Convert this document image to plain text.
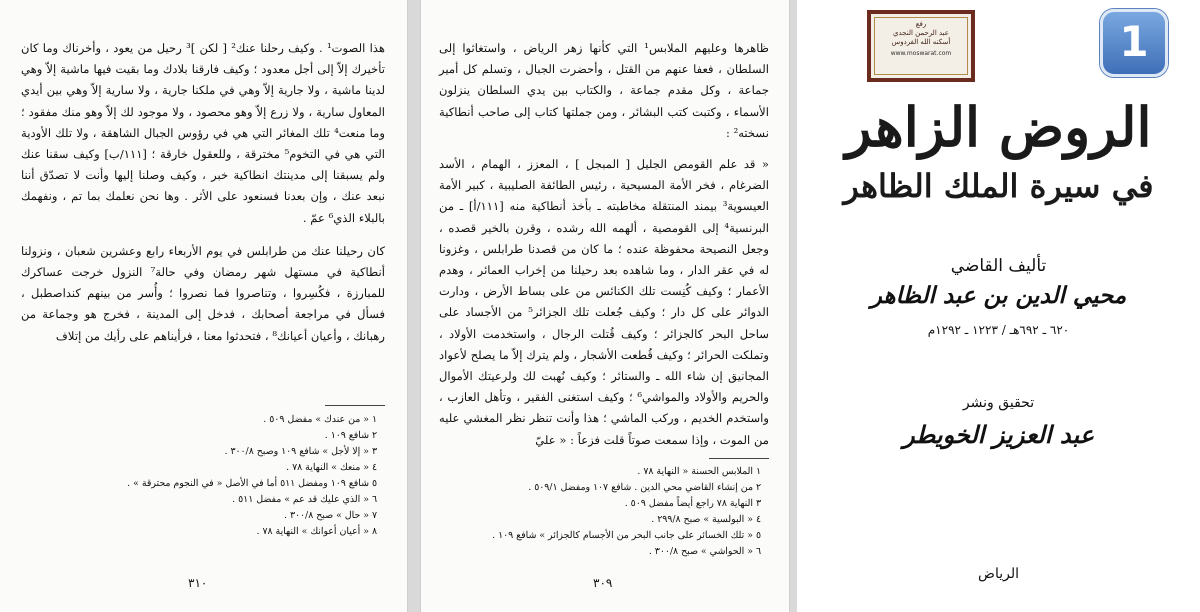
هذا الصوت¹ . وكيف رحلنا عنك² [ لكن ]³ رحيل من يعود ، وأخرناك وما كان تأخيرك إلاّ إلى أجل معدود ؛ وكيف فارقنا بلادك وما بقيت فيها ماشية إلاّ وهي لدينا ماشية ، ولا جارية إلاّ وهي في ملكنا جارية ، ولا سارية إلاّ وهي بين أيدي المعاول سارية ، ولا زرع إلاّ وهو محصود ، ولا موجود لك إلاّ وهو منك مفقود ؛ وما منعت⁴ تلك المغائر التي هي في رؤوس الجبال الشاهقة ، ولا تلك الأودية التي هي في التخوم⁵ مخترقة ، وللعقول خارقة ؛ [١١١/ب] وكيف سقنا عنك ولم يسبقنا إلى مدينتك انطاكية خبر ، وكيف وصلنا إليها وأنت لا تصدّق أننا نبعد عنك ، وإن بعدنا فسنعود على الأثر . وها نحن نعلمك بما تم ، ونفهمك بالبلاء الذي⁶ عمّ .
كان رحيلنا عنك من طرابلس في يوم الأربعاء رابع وعشرين شعبان ، ونزولنا أنطاكية في مستهل شهر رمضان وفي حالة⁷ النزول خرجت عساكرك للمبارزة ، فكُسِروا ، وتناصروا فما نصروا ؛ وأُسر من بينهم كنداصطبل ، فسأل في مراجعة أصحابك ، فدخل إلى المدينة ، فخرج هو وجماعة من رهبانك ، وأعيان أعيانك⁸ ، فتحدثوا معنا ، فرأيناهم على رأيك من إتلاف
١ « من عندك » مفضل ٥٠٩ .
٢ شافع ١٠٩ .
٣ « إلا لأجل » شافع ١٠٩ وصبح ٣٠٠/٨ .
٤ « منعك » النهاية ٧٨ .
٥ شافع ١٠٩ ومفضل ٥١١ أما في الأصل « في النجوم محترقة » .
٦ « الذي عليك قد عم » مفضل ٥١١ .
٧ « حال » صبح ٣٠٠/٨ .
٨ « أعيان أعوانك » النهاية ٧٨ .
٣١٠
ظاهرها وعليهم الملابس¹ التي كأنها زهر الرياض ، واستغاثوا إلى السلطان ، فعفا عنهم من القتل ، وأحضرت الجبال ، وتسلم كل أمير جماعة ، وكل مقدم جماعة ، والكتاب بين يدي السلطان ينزلون الأسماء ، وكتبت كتب البشائر ، ومن جملتها كتاب إلى صاحب أنطاكية نسخته² :
« قد علم القومص الجليل [ المبجل ] ، المعزز ، الهمام ، الأسد الضرغام ، فخر الأمة المسيحية ، رئيس الطائفة الصليبية ، كبير الأمة العيسوية³ بيمند المنتقلة مخاطبته ـ بأخذ أنطاكية منه [١١١/أ] ـ من البرنسية⁴ إلى القومصية ، ألهمه الله رشده ، وقرن بالخير قصده ، وجعل النصيحة محفوظة عنده ؛ ما كان من قصدنا طرابلس ، وغزونا له في عقر الدار ، وما شاهده بعد رحيلنا من إخراب العمائر ، وهدم الأعمار ؛ وكيف كُنِست تلك الكنائس من على بساط الأرض ، ودارت الدوائر على كل دار ؛ وكيف جُعلت تلك الجزائر⁵ من الأجساد على ساحل البحر كالجزائر ؛ وكيف قُتلت الرجال ، واستخدمت الأولاد ، وتملكت الحرائر ؛ وكيف قُطعت الأشجار ، ولم يترك إلاّ ما يصلح لأعواد المجانيق إن شاء الله ـ والستائر ؛ وكيف نُهبت لك ولرعيتك الأموال والحريم والأولاد والمواشي⁶ ؛ وكيف استغنى الفقير ، وتأهل العازب ، واستخدم الخديم ، وركب الماشي ؛ هذا وأنت تنظر نظر المغشي عليه من الموت ، وإذا سمعت صوتاً قلت فزعاً : « عليّ
١ الملابس الحسنة « النهاية ٧٨ .
٢ من إنشاء القاضي محي الدين . شافع ١٠٧ ومفضل ٥٠٩/١ .
٣ النهاية ٧٨ راجع أيضاً مفضل ٥٠٩ .
٤ « البولسية » صبح ٢٩٩/٨ .
٥ « تلك الخسائر على جانب البحر من الأجسام كالجزائر » شافع ١٠٩ .
٦ « الحواشي » صبح ٣٠٠/٨ .
٣٠٩
رفع
عبد الرحمن النجدي
أسكنه الله الفردوس
www.moswarat.com	1
الروض الزاهر
في سيرة الملك الظاهر
تأليف القاضي
محيي الدين بن عبد الظاهر
٦٢٠ ـ ٦٩٢هـ / ١٢٢٣ ـ ١٢٩٢م
تحقيق ونشر
عبد العزيز الخويطر
الرياض
